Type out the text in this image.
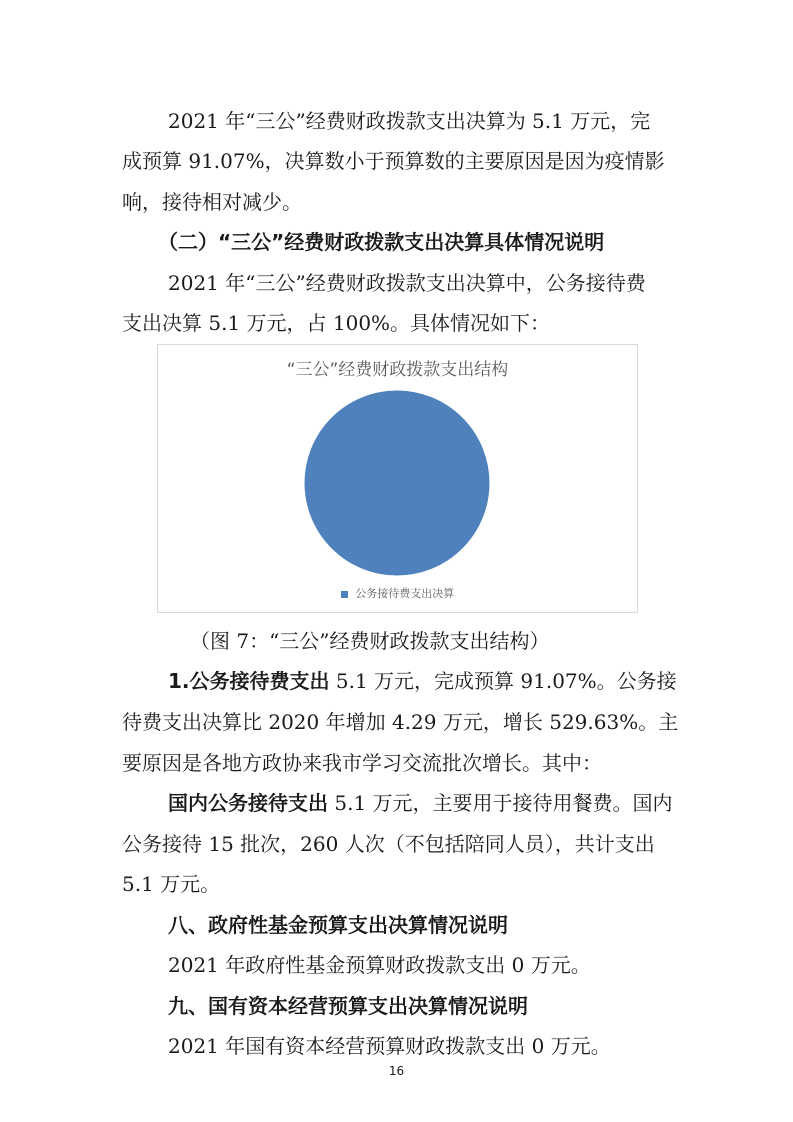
2021 年“三公”经费财政拨款支出决算为 5.1 万元，完
成预算 91.07%，决算数小于预算数的主要原因是因为疫情影
响，接待相对减少。
（二）“三公”经费财政拨款支出决算具体情况说明
2021 年“三公”经费财政拨款支出决算中，公务接待费
支出决算 5.1 万元，占 100%。具体情况如下：
“三公”经费财政拨款支出结构
公务接待费支出决算
（图 7：“三公”经费财政拨款支出结构）
1.公务接待费支出 5.1 万元，完成预算 91.07%。公务接
待费支出决算比 2020 年增加 4.29 万元，增长 529.63%。主
要原因是各地方政协来我市学习交流批次增长。其中：
国内公务接待支出 5.1 万元，主要用于接待用餐费。国内
公务接待 15 批次，260 人次（不包括陪同人员），共计支出
5.1 万元。
八、政府性基金预算支出决算情况说明
2021 年政府性基金预算财政拨款支出 0 万元。
九、国有资本经营预算支出决算情况说明
2021 年国有资本经营预算财政拨款支出 0 万元。
16
